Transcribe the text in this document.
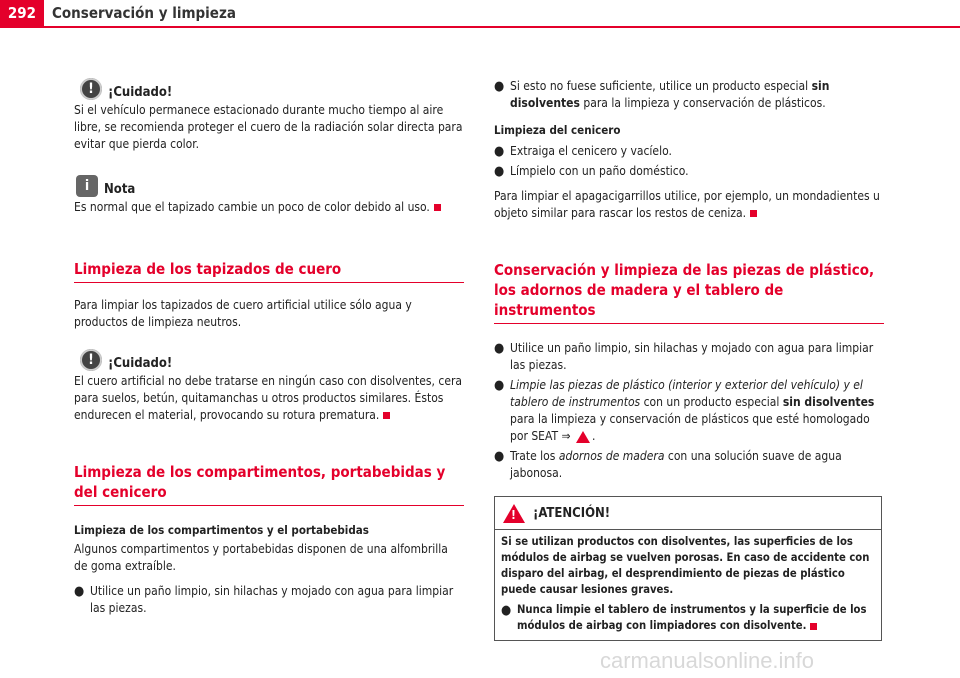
292	Conservación y limpieza
!	¡Cuidado!

Si el vehículo permanece estacionado durante mucho tiempo al aire libre, se recomienda proteger el cuero de la radiación solar directa para evitar que pierda color.

i	Nota

Es normal que el tapizado cambie un poco de color debido al uso.

Limpieza de los tapizados de cuero

Para limpiar los tapizados de cuero artificial utilice sólo agua y productos de limpieza neutros.

!	¡Cuidado!

El cuero artificial no debe tratarse en ningún caso con disolventes, cera para suelos, betún, quitamanchas u otros productos similares. Éstos endurecen el material, provocando su rotura prematura.

Limpieza de los compartimentos, portabebidas y del cenicero

Limpieza de los compartimentos y el portabebidas

Algunos compartimentos y portabebidas disponen de una alfombrilla de goma extraíble.

● Utilice un paño limpio, sin hilachas y mojado con agua para limpiar las piezas.
● Si esto no fuese suficiente, utilice un producto especial sin disolventes para la limpieza y conservación de plásticos.

Limpieza del cenicero

● Extraiga el cenicero y vacíelo.
● Límpielo con un paño doméstico.

Para limpiar el apagacigarrillos utilice, por ejemplo, un mondadientes u objeto similar para rascar los restos de ceniza.

Conservación y limpieza de las piezas de plástico, los adornos de madera y el tablero de instrumentos
● Utilice un paño limpio, sin hilachas y mojado con agua para limpiar las piezas.
● Limpie las piezas de plástico (interior y exterior del vehículo) y el tablero de instrumentos con un producto especial sin disolventes para la limpieza y conservación de plásticos que esté homologado por SEAT ⇒ .
● Trate los adornos de madera con una solución suave de agua jabonosa.
!
¡ATENCIÓN!

Si se utilizan productos con disolventes, las superficies de los módulos de airbag se vuelven porosas. En caso de accidente con disparo del airbag, el desprendimiento de piezas de plástico puede causar lesiones graves.

● Nunca limpie el tablero de instrumentos y la superficie de los módulos de airbag con limpiadores con disolvente.
carmanualsonline.info
